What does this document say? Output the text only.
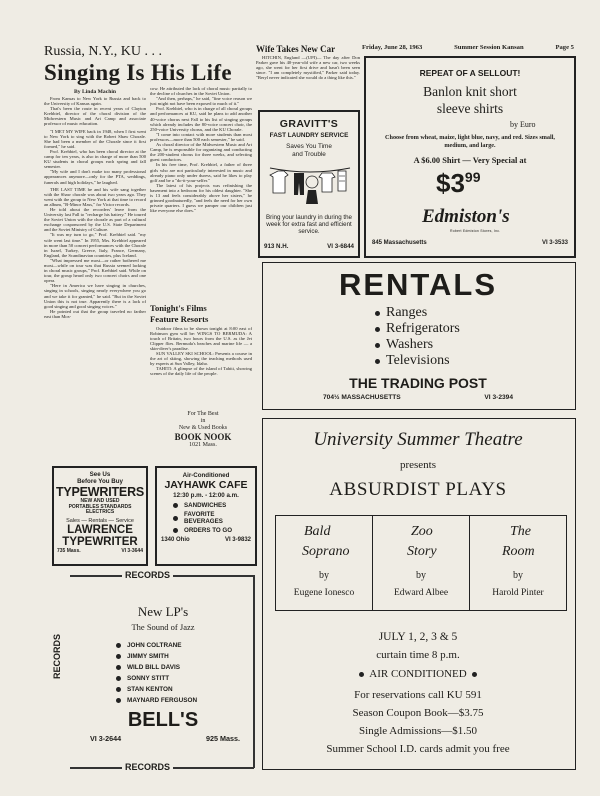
Friday, June 28, 1963	Summer Session Kansan	Page 5
Russia, N.Y., KU . . .
Singing Is His Life
By Linda Machin

From Kansas to New York to Russia and back to the University of Kansas again.

That's been the route in recent years of Clayton Krehbiel, director of the choral division of the Midwestern Music and Art Camp and associate professor of music education.

"I MET MY WIFE back in 1948, when I first went to New York to sing with the Robert Shaw Chorale. She had been a member of the Chorale since it first formed," he said.

Prof. Krehbiel, who has been choral director at the camp for ten years, is also in charge of more than 500 KU students in choral groups each spring and fall semester.

"My wife and I don't make too many professional appearances anymore—only for the PTA, weddings, funerals and high holidays," he laughed.

THE LAST TIME he and his wife sang together with the Shaw chorale was about two years ago. They went with the group to New York at that time to record an album, "B-Minor Mass," for Victor records.

He told about the recorders' leave from the University last Fall to "recharge his battery." He toured the Soviet Union with the chorale as part of a cultural exchange cosponsored by the U.S. State Department and the Soviet Ministry of Culture.

"It was my turn to go," Prof. Krehbiel said. "my wife went last time." In 1955, Mrs. Krehbiel appeared in more than 50 concert performances with the Chorale in Israel, Turkey, Greece, Italy, France, Germany, England, the Scandinavian countries, plus Iceland.

"What impressed me most—or rather bothered me most—while on tour was that Russia seemed lacking in choral music groups," Prof. Krehbiel said. While on tour, the group heard only two concert choirs and one opera.

"Here in America we have singing in churches, singing in schools, singing nearly everywhere you go and we take it for granted," he said. "But in the Soviet Union this is not true. Apparently there is a lack of good singing and good singing voices."

He pointed out that the group traveled no farther east than Mos-

cow. He attributed the lack of choral music partially to the decline of churches in the Soviet Union.

"And then, perhaps," he said, "fine voice reason we just might not have been exposed to much of it."

Prof. Krehbiel, who is in charge of all choral groups and performances at KU, said he plans to add another 40-voice chorus next Fall to his list of singing groups which already includes the 80-voice concert choir, the 250-voice University chorus, and the KU Chorale.

"I come into contact with more students than most professors—more than 500 each semester," he said.

As choral director of the Midwestern Music and Art Camp, he is responsible for organizing and conducting the 200-student chorus for three weeks, and selecting guest conductors.

In his free time, Prof. Krehbiel, a father of three girls who are not particularly interested in music and already piano only under duress, said he likes to play golf and be a "do-it-your-selfer."

The latest of his projects was refinishing the basement into a bedroom for his oldest daughter. "She is 13 and feels considerably above her sisters," he grinned goodnaturedly, "and feels the need for her own private quarters. I guess we pamper our children just like everyone else does."

Tonight's Films
Feature Resorts

Outdoor films to be shown tonight at 8:00 east of Robinson gym will be: WINGS TO BERMUDA: A touch of Britain, two hours from the U.S. as the Jet Clipper flies. Bermuda's beaches and marine life — a skin-diver's paradise.

SUN VALLEY SKI SCHOOL: Presents a course in the art of skiing, showing the teaching methods used by experts at Sun Valley, Idaho.

TAHITI: A glimpse of the island of Tahiti, showing scenes of the daily life of the people.

For The Best
in
New & Used Books
BOOK NOOK
1021 Mass.
See Us
Before You Buy
TYPEWRITERS
NEW AND USED
PORTABLES STANDARDS
ELECTRICS
Sales — Rentals — Service
LAWRENCE
TYPEWRITER
735 Mass.	VI 3-3644
Air-Conditioned
JAYHAWK CAFE
12:30 p.m. - 12:00 a.m.
SANDWICHES
FAVORITE BEVERAGES
ORDERS TO GO
1340 Ohio	VI 3-9832
RECORDS
RECORDS
RECORDS
New LP's
The Sound of Jazz
JOHN COLTRANE
JIMMY SMITH
WILD BILL DAVIS
SONNY STITT
STAN KENTON
MAYNARD FERGUSON
BELL'S
VI 3-2644	925 Mass.
Wife Takes New Car

HITCHIN, England —(UPI)— The day after Don Parker gave his 40-year-old wife a new car, two weeks ago, she went for her first drive and hasn't been seen since. "I am completely mystified," Parker said today. "Beryl never indicated she would do a thing like this."

GRAVITT'S
FAST LAUNDRY SERVICE
Saves You Time
and Trouble
Bring your laundry in during the week for extra fast and efficient service.
913 N.H.	VI 3-6844
REPEAT OF A SELLOUT!
Banlon knit short
sleeve shirts
by Euro
Choose from wheat, maize, light blue, navy, and red. Sizes small, medium, and large.
A $6.00 Shirt — Very Special at
$399
Edmiston's
Robert Edmiston Stores, Inc.
845 Massachusetts	VI 3-3533
RENTALS
Ranges
Refrigerators
Washers
Televisions
THE TRADING POST
704½ MASSACHUSETTS	VI 3-2394
University Summer Theatre
presents
ABSURDIST PLAYS
Bald
Soprano
by
Eugene Ionesco
Zoo
Story
by
Edward Albee
The
Room
by
Harold Pinter
JULY 1, 2, 3 & 5
curtain time 8 p.m.
AIR CONDITIONED
For reservations call KU 591
Season Coupon Book—$3.75
Single Admissions—$1.50
Summer School I.D. cards admit you free
